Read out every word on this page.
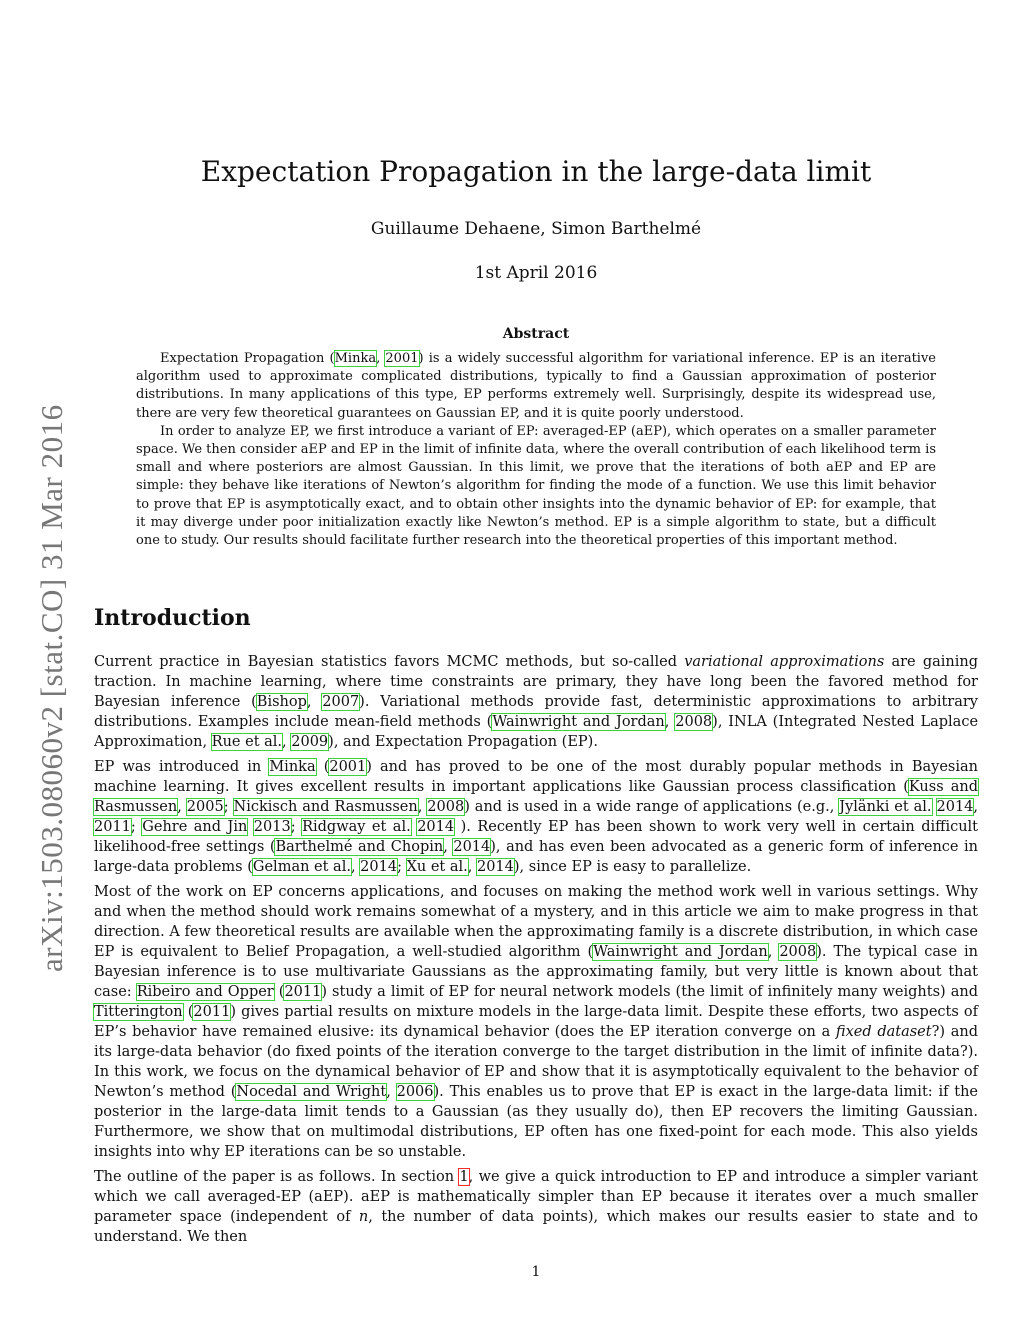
arXiv:1503.08060v2 [stat.CO] 31 Mar 2016
Expectation Propagation in the large-data limit
Guillaume Dehaene, Simon Barthelmé
1st April 2016
Abstract

Expectation Propagation (Minka, 2001) is a widely successful algorithm for variational inference. EP is an iterative algorithm used to approximate complicated distributions, typically to find a Gaussian approximation of posterior distributions. In many applications of this type, EP performs extremely well. Surprisingly, despite its widespread use, there are very few theoretical guarantees on Gaussian EP, and it is quite poorly understood.

In order to analyze EP, we first introduce a variant of EP: averaged-EP (aEP), which operates on a smaller parameter space. We then consider aEP and EP in the limit of infinite data, where the overall contribution of each likelihood term is small and where posteriors are almost Gaussian. In this limit, we prove that the iterations of both aEP and EP are simple: they behave like iterations of Newton’s algorithm for finding the mode of a function. We use this limit behavior to prove that EP is asymptotically exact, and to obtain other insights into the dynamic behavior of EP: for example, that it may diverge under poor initialization exactly like Newton’s method. EP is a simple algorithm to state, but a difficult one to study. Our results should facilitate further research into the theoretical properties of this important method.

Introduction

Current practice in Bayesian statistics favors MCMC methods, but so-called variational approximations are gaining traction. In machine learning, where time constraints are primary, they have long been the favored method for Bayesian inference (Bishop, 2007). Variational methods provide fast, deterministic approximations to arbitrary distributions. Examples include mean-field methods (Wainwright and Jordan, 2008), INLA (Integrated Nested Laplace Approximation, Rue et al., 2009), and Expectation Propagation (EP).

EP was introduced in Minka (2001) and has proved to be one of the most durably popular methods in Bayesian machine learning. It gives excellent results in important applications like Gaussian process classification (Kuss and Rasmussen, 2005; Nickisch and Rasmussen, 2008) and is used in a wide range of applications (e.g., Jylänki et al. 2014, 2011; Gehre and Jin 2013; Ridgway et al. 2014 ). Recently EP has been shown to work very well in certain difficult likelihood-free settings (Barthelmé and Chopin, 2014), and has even been advocated as a generic form of inference in large-data problems (Gelman et al., 2014; Xu et al., 2014), since EP is easy to parallelize.

Most of the work on EP concerns applications, and focuses on making the method work well in various settings. Why and when the method should work remains somewhat of a mystery, and in this article we aim to make progress in that direction. A few theoretical results are available when the approximating family is a discrete distribution, in which case EP is equivalent to Belief Propagation, a well-studied algorithm (Wainwright and Jordan, 2008). The typical case in Bayesian inference is to use multivariate Gaussians as the approximating family, but very little is known about that case: Ribeiro and Opper (2011) study a limit of EP for neural network models (the limit of infinitely many weights) and Titterington (2011) gives partial results on mixture models in the large-data limit. Despite these efforts, two aspects of EP’s behavior have remained elusive: its dynamical behavior (does the EP iteration converge on a fixed dataset?) and its large-data behavior (do fixed points of the iteration converge to the target distribution in the limit of infinite data?). In this work, we focus on the dynamical behavior of EP and show that it is asymptotically equivalent to the behavior of Newton’s method (Nocedal and Wright, 2006). This enables us to prove that EP is exact in the large-data limit: if the posterior in the large-data limit tends to a Gaussian (as they usually do), then EP recovers the limiting Gaussian. Furthermore, we show that on multimodal distributions, EP often has one fixed-point for each mode. This also yields insights into why EP iterations can be so unstable.

The outline of the paper is as follows. In section 1, we give a quick introduction to EP and introduce a simpler variant which we call averaged-EP (aEP). aEP is mathematically simpler than EP because it iterates over a much smaller parameter space (independent of n, the number of data points), which makes our results easier to state and to understand. We then

1
